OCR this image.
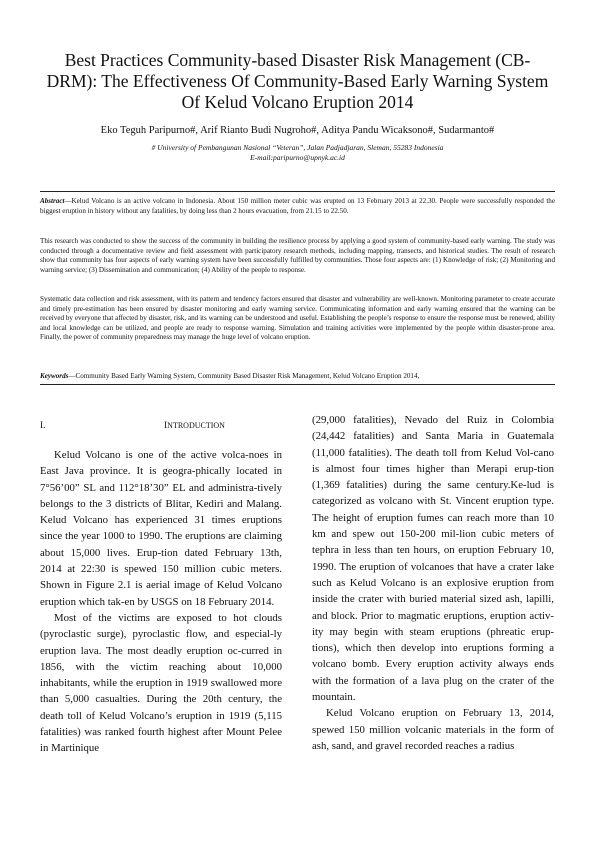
Best Practices Community-based Disaster Risk Management (CB-DRM): The Effectiveness Of Community-Based Early Warning System Of Kelud Volcano Eruption 2014
Eko Teguh Paripurno#, Arif Rianto Budi Nugroho#, Aditya Pandu Wicaksono#, Sudarmanto#
# University of Pembangunan Nasional “Veteran”, Jalan Padjadjaran, Sleman, 55283 Indonesia
E-mail:paripurno@upnyk.ac.id

Abstract—Kelud Volcano is an active volcano in Indonesia. About 150 million meter cubic was erupted on 13 February 2013 at 22.30. People were successfully responded the biggest eruption in history without any fatalities, by doing less than 2 hours evacuation, from 21.15 to 22.50.

This research was conducted to show the success of the community in building the resilience process by applying a good system of community-based early warning. The study was conducted through a documentative review and field assessment with participatory research methods, including mapping, transects, and historical studies. The result of research show that community has four aspects of early warning system have been successfully fulfilled by communities. Those four aspects are: (1) Knowledge of risk; (2) Monitoring and warning service; (3) Dissemination and communication; (4) Ability of the people to response.

Systematic data collection and risk assessment, with its pattern and tendency factors ensured that disaster and vulnerability are well-known. Monitoring parameter to create accurate and timely pre-estimation has been ensured by disaster monitoring and early warning service. Communicating information and early warning ensured that the warning can be received by everyone that affected by disaster, risk, and its warning can be understood and useful. Establishing the people’s response to ensure the response must be renewed, ability and local knowledge can be utilized, and people are ready to response warning. Simulation and training activities were implemented by the people within disaster-prone area. Finally, the power of community preparedness may manage the huge level of volcano eruption.

Keywords—Community Based Early Warning System, Community Based Disaster Risk Management, Kelud Volcano Eruption 2014,

I.	INTRODUCTION

Kelud Volcano is one of the active volca-noes in East Java province. It is geogra-phically located in 7°56’00” SL and 112°18’30” EL and administra-tively belongs to the 3 districts of Blitar, Kediri and Malang. Kelud Volcano has experienced 31 times eruptions since the year 1000 to 1990. The eruptions are claiming about 15,000 lives. Erup-tion dated February 13th, 2014 at 22:30 is spewed 150 million cubic meters. Shown in Figure 2.1 is aerial image of Kelud Volcano eruption which tak-en by USGS on 18 February 2014.

Most of the victims are exposed to hot clouds (pyroclastic surge), pyroclastic flow, and especial-ly eruption lava. The most deadly eruption oc-curred in 1856, with the victim reaching about 10,000 inhabitants, while the eruption in 1919 swallowed more than 5,000 casualties. During the 20th century, the death toll of Kelud Volcano’s eruption in 1919 (5,115 fatalities) was ranked fourth highest after Mount Pelee in Martinique

(29,000 fatalities), Nevado del Ruiz in Colombia (24,442 fatalities) and Santa Maria in Guatemala (11,000 fatalities). The death toll from Kelud Vol-cano is almost four times higher than Merapi erup-tion (1,369 fatalities) during the same century.Ke-lud is categorized as volcano with St. Vincent eruption type. The height of eruption fumes can reach more than 10 km and spew out 150-200 mil-lion cubic meters of tephra in less than ten hours, on eruption February 10, 1990. The eruption of volcanoes that have a crater lake such as Kelud Volcano is an explosive eruption from inside the crater with buried material sized ash, lapilli, and block. Prior to magmatic eruptions, eruption activ-ity may begin with steam eruptions (phreatic erup-tions), which then develop into eruptions forming a volcano bomb. Every eruption activity always ends with the formation of a lava plug on the crater of the mountain.

Kelud Volcano eruption on February 13, 2014, spewed 150 million volcanic materials in the form of ash, sand, and gravel recorded reaches a radius
